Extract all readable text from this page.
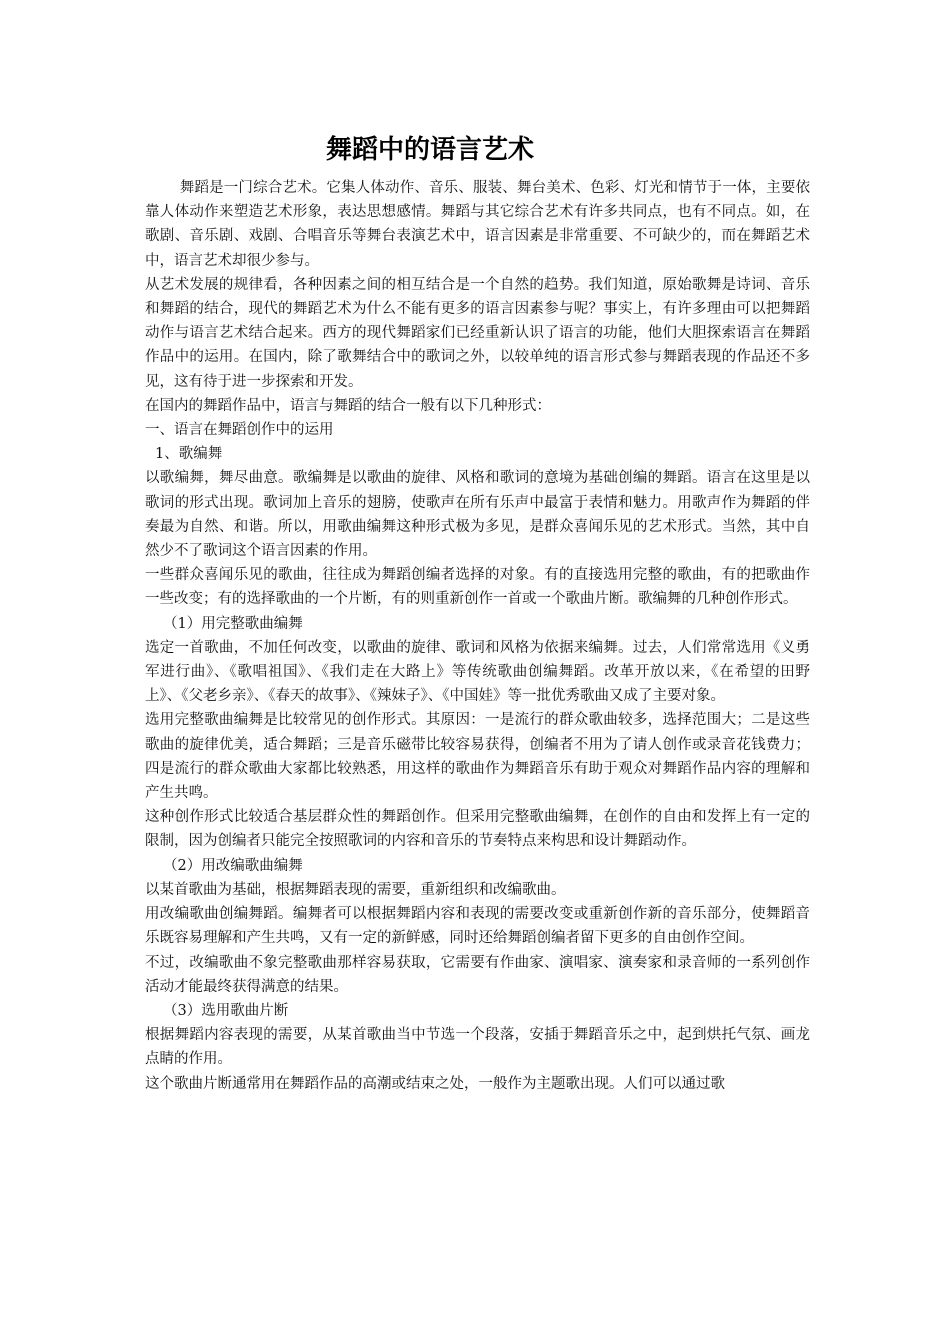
舞蹈中的语言艺术

舞蹈是一门综合艺术。它集人体动作、音乐、服装、舞台美术、色彩、灯光和情节于一体，主要依靠人体动作来塑造艺术形象，表达思想感情。舞蹈与其它综合艺术有许多共同点，也有不同点。如，在歌剧、音乐剧、戏剧、合唱音乐等舞台表演艺术中，语言因素是非常重要、不可缺少的，而在舞蹈艺术中，语言艺术却很少参与。

从艺术发展的规律看，各种因素之间的相互结合是一个自然的趋势。我们知道，原始歌舞是诗词、音乐和舞蹈的结合，现代的舞蹈艺术为什么不能有更多的语言因素参与呢？事实上，有许多理由可以把舞蹈动作与语言艺术结合起来。西方的现代舞蹈家们已经重新认识了语言的功能，他们大胆探索语言在舞蹈作品中的运用。在国内，除了歌舞结合中的歌词之外，以较单纯的语言形式参与舞蹈表现的作品还不多见，这有待于进一步探索和开发。

在国内的舞蹈作品中，语言与舞蹈的结合一般有以下几种形式：

一、语言在舞蹈创作中的运用

1、歌编舞

以歌编舞，舞尽曲意。歌编舞是以歌曲的旋律、风格和歌词的意境为基础创编的舞蹈。语言在这里是以歌词的形式出现。歌词加上音乐的翅膀，使歌声在所有乐声中最富于表情和魅力。用歌声作为舞蹈的伴奏最为自然、和谐。所以，用歌曲编舞这种形式极为多见，是群众喜闻乐见的艺术形式。当然，其中自然少不了歌词这个语言因素的作用。

一些群众喜闻乐见的歌曲，往往成为舞蹈创编者选择的对象。有的直接选用完整的歌曲，有的把歌曲作一些改变；有的选择歌曲的一个片断，有的则重新创作一首或一个歌曲片断。歌编舞的几种创作形式。

（1）用完整歌曲编舞

选定一首歌曲，不加任何改变，以歌曲的旋律、歌词和风格为依据来编舞。过去，人们常常选用《义勇军进行曲》、《歌唱祖国》、《我们走在大路上》等传统歌曲创编舞蹈。改革开放以来，《在希望的田野上》、《父老乡亲》、《春天的故事》、《辣妹子》、《中国娃》等一批优秀歌曲又成了主要对象。

选用完整歌曲编舞是比较常见的创作形式。其原因：一是流行的群众歌曲较多，选择范围大；二是这些歌曲的旋律优美，适合舞蹈；三是音乐磁带比较容易获得，创编者不用为了请人创作或录音花钱费力；四是流行的群众歌曲大家都比较熟悉，用这样的歌曲作为舞蹈音乐有助于观众对舞蹈作品内容的理解和产生共鸣。

这种创作形式比较适合基层群众性的舞蹈创作。但采用完整歌曲编舞，在创作的自由和发挥上有一定的限制，因为创编者只能完全按照歌词的内容和音乐的节奏特点来构思和设计舞蹈动作。

（2）用改编歌曲编舞

以某首歌曲为基础，根据舞蹈表现的需要，重新组织和改编歌曲。

用改编歌曲创编舞蹈。编舞者可以根据舞蹈内容和表现的需要改变或重新创作新的音乐部分，使舞蹈音乐既容易理解和产生共鸣，又有一定的新鲜感，同时还给舞蹈创编者留下更多的自由创作空间。

不过，改编歌曲不象完整歌曲那样容易获取，它需要有作曲家、演唱家、演奏家和录音师的一系列创作活动才能最终获得满意的结果。

（3）选用歌曲片断

根据舞蹈内容表现的需要，从某首歌曲当中节选一个段落，安插于舞蹈音乐之中，起到烘托气氛、画龙点睛的作用。

这个歌曲片断通常用在舞蹈作品的高潮或结束之处，一般作为主题歌出现。人们可以通过歌
